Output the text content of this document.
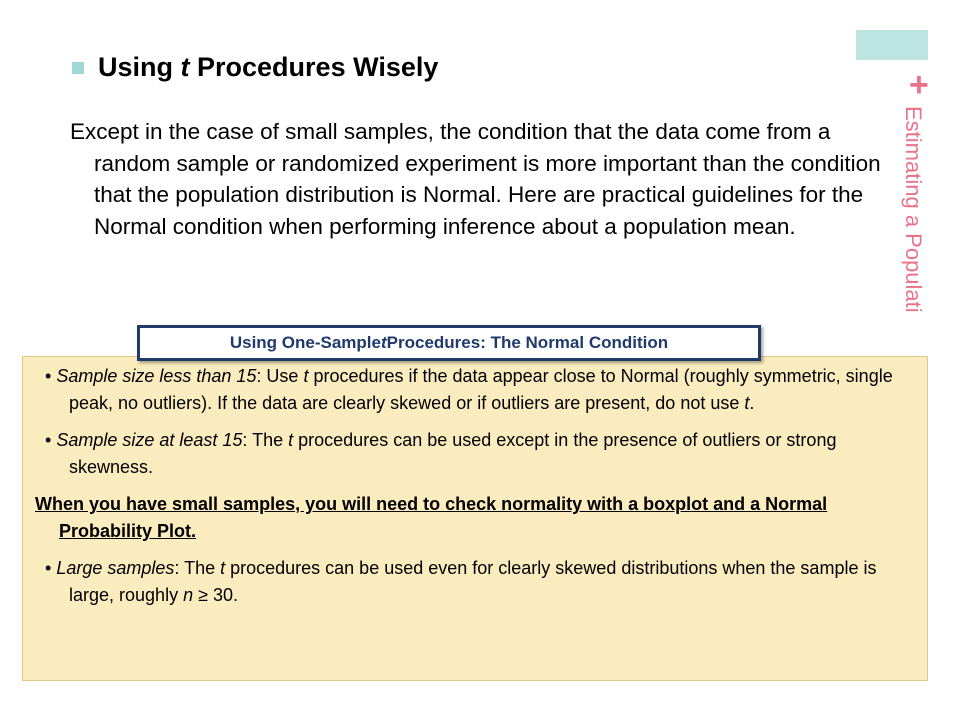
+
Estimating a Populati
Using t Procedures Wisely
Except in the case of small samples, the condition that the data come from a random sample or randomized experiment is more important than the condition that the population distribution is Normal. Here are practical guidelines for the Normal condition when performing inference about a population mean.
Using One-Sample t Procedures: The Normal Condition

• Sample size less than 15: Use t procedures if the data appear close to Normal (roughly symmetric, single peak, no outliers). If the data are clearly skewed or if outliers are present, do not use t.

• Sample size at least 15: The t procedures can be used except in the presence of outliers or strong skewness.

When you have small samples, you will need to check normality with a boxplot and a Normal Probability Plot.

• Large samples: The t procedures can be used even for clearly skewed distributions when the sample is large, roughly n ≥ 30.
